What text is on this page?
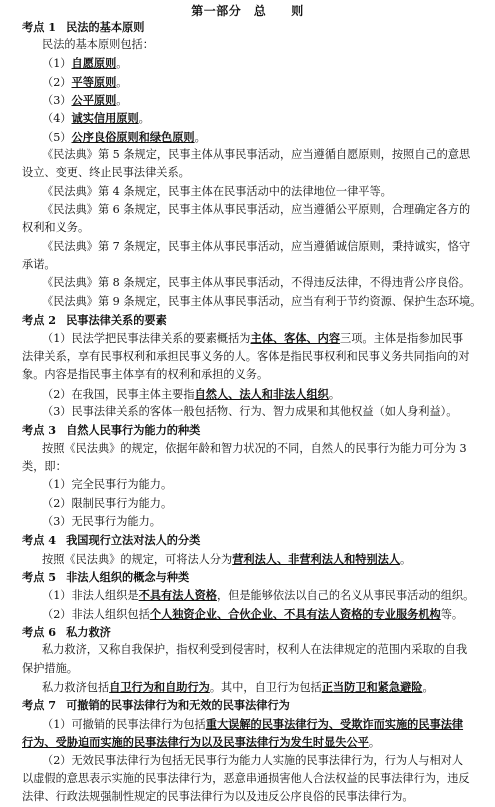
第一部分　总　　则
考点 1 民法的基本原则
民法的基本原则包括：
（1）自愿原则。
（2）平等原则。
（3）公平原则。
（4）诚实信用原则。
（5）公序良俗原则和绿色原则。
《民法典》第 5 条规定，民事主体从事民事活动，应当遵循自愿原则，按照自己的意思
设立、变更、终止民事法律关系。
《民法典》第 4 条规定，民事主体在民事活动中的法律地位一律平等。
《民法典》第 6 条规定，民事主体从事民事活动，应当遵循公平原则，合理确定各方的
权利和义务。
《民法典》第 7 条规定，民事主体从事民事活动，应当遵循诚信原则，秉持诚实，恪守
承诺。
《民法典》第 8 条规定，民事主体从事民事活动，不得违反法律，不得违背公序良俗。
《民法典》第 9 条规定，民事主体从事民事活动，应当有利于节约资源、保护生态环境。
考点 2 民事法律关系的要素
（1）民法学把民事法律关系的要素概括为主体、客体、内容三项。主体是指参加民事
法律关系，享有民事权利和承担民事义务的人。客体是指民事权利和民事义务共同指向的对
象。内容是指民事主体享有的权利和承担的义务。
（2）在我国，民事主体主要指自然人、法人和非法人组织。
（3）民事法律关系的客体一般包括物、行为、智力成果和其他权益（如人身利益）。
考点 3 自然人民事行为能力的种类
按照《民法典》的规定，依据年龄和智力状况的不同，自然人的民事行为能力可分为 3
类，即：
（1）完全民事行为能力。
（2）限制民事行为能力。
（3）无民事行为能力。
考点 4 我国现行立法对法人的分类
按照《民法典》的规定，可将法人分为营利法人、非营利法人和特别法人。
考点 5 非法人组织的概念与种类
（1）非法人组织是不具有法人资格，但是能够依法以自己的名义从事民事活动的组织。
（2）非法人组织包括个人独资企业、合伙企业、不具有法人资格的专业服务机构等。
考点 6 私力救济
私力救济，又称自我保护，指权利受到侵害时，权利人在法律规定的范围内采取的自我
保护措施。
私力救济包括自卫行为和自助行为。其中，自卫行为包括正当防卫和紧急避险。
考点 7 可撤销的民事法律行为和无效的民事法律行为
（1）可撤销的民事法律行为包括重大误解的民事法律行为、受欺诈而实施的民事法律
行为、受胁迫而实施的民事法律行为以及民事法律行为发生时显失公平。
（2）无效民事法律行为包括无民事行为能力人实施的民事法律行为，行为人与相对人
以虚假的意思表示实施的民事法律行为，恶意串通损害他人合法权益的民事法律行为，违反
法律、行政法规强制性规定的民事法律行为以及违反公序良俗的民事法律行为。
